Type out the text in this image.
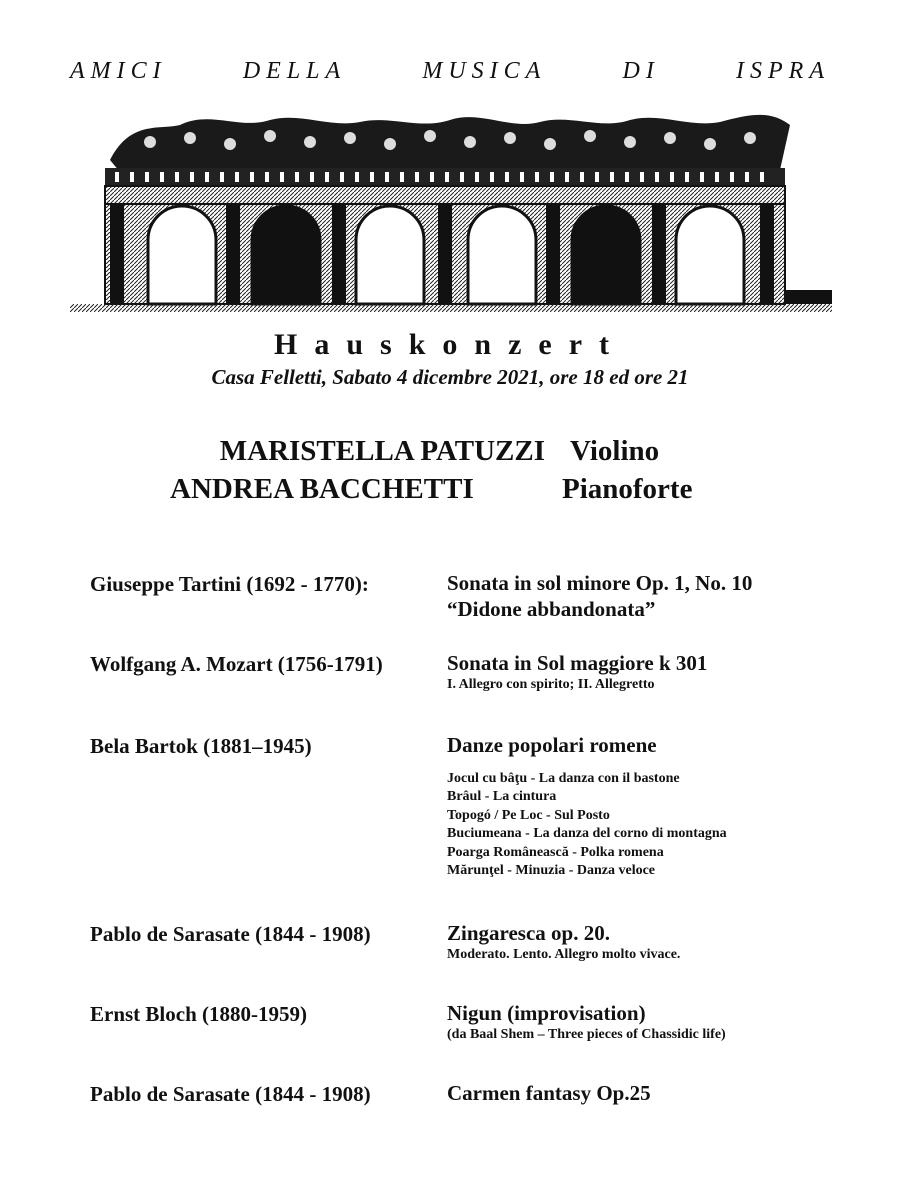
AMICI	DELLA	MUSICA	DI	ISPRA
Hauskonzert
Casa Felletti, Sabato 4 dicembre 2021, ore 18 ed ore 21
MARISTELLA PATUZZI Violino
ANDREA BACCHETTI	Pianoforte
Giuseppe Tartini (1692 - 1770):	Sonata in sol minore Op. 1, No. 10
“Didone abbandonata”
Wolfgang A. Mozart (1756-1791)	Sonata in Sol maggiore k 301
I. Allegro con spirito; II. Allegretto
Bela Bartok (1881–1945)	Danze popolari romene
Jocul cu bâţu - La danza con il bastone
Brâul - La cintura
Topogó / Pe Loc - Sul Posto
Buciumeana - La danza del corno di montagna
Poarga Românească - Polka romena
Mărunţel - Minuzia - Danza veloce
Pablo de Sarasate (1844 - 1908)	Zingaresca op. 20.
Moderato. Lento. Allegro molto vivace.
Ernst Bloch (1880-1959)	Nigun (improvisation)
(da Baal Shem – Three pieces of Chassidic life)
Pablo de Sarasate (1844 - 1908)	Carmen fantasy Op.25
